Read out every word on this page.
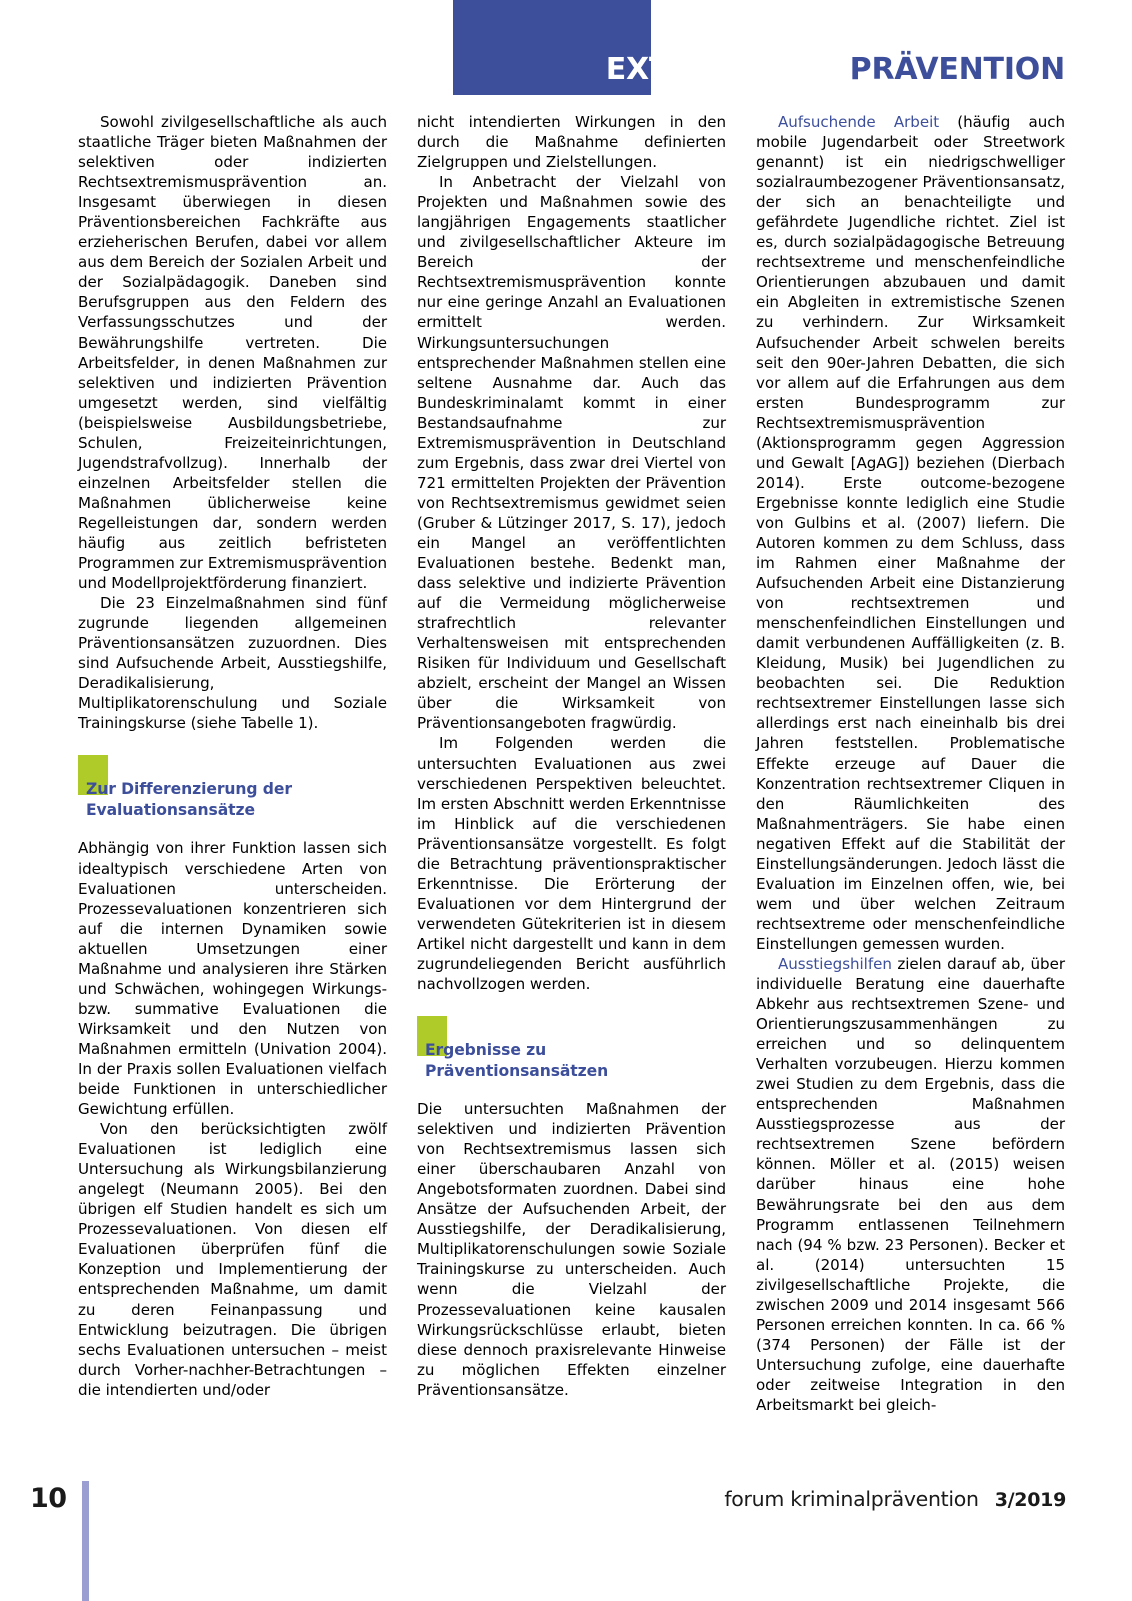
EXTREMISMUSPRÄVENTION

Sowohl zivilgesellschaftliche als auch staatliche Träger bieten Maßnahmen der selektiven oder indizierten Rechtsextremismusprävention an. Insgesamt überwiegen in diesen Präventionsbereichen Fachkräfte aus erzieherischen Berufen, dabei vor allem aus dem Bereich der Sozialen Arbeit und der Sozialpädagogik. Daneben sind Berufsgruppen aus den Feldern des Verfassungsschutzes und der Bewährungshilfe vertreten. Die Arbeitsfelder, in denen Maßnahmen zur selektiven und indizierten Prävention umgesetzt werden, sind vielfältig (beispielsweise Ausbildungsbetriebe, Schulen, Freizeiteinrichtungen, Jugendstrafvollzug). Innerhalb der einzelnen Arbeitsfelder stellen die Maßnahmen üblicherweise keine Regelleistungen dar, sondern werden häufig aus zeitlich befristeten Programmen zur Extremismusprävention und Modellprojektförderung finanziert.

Die 23 Einzelmaßnahmen sind fünf zugrunde liegenden allgemeinen Präventionsansätzen zuzuordnen. Dies sind Aufsuchende Arbeit, Ausstiegshilfe, Deradikalisierung, Multiplikatorenschulung und Soziale Trainingskurse (siehe Tabelle 1).

Zur Differenzierung der
Evaluationsansätze

Abhängig von ihrer Funktion lassen sich idealtypisch verschiedene Arten von Evaluationen unterscheiden. Prozessevaluationen konzentrieren sich auf die internen Dynamiken sowie aktuellen Umsetzungen einer Maßnahme und analysieren ihre Stärken und Schwächen, wohingegen Wirkungs- bzw. summative Evaluationen die Wirksamkeit und den Nutzen von Maßnahmen ermitteln (Univation 2004). In der Praxis sollen Evaluationen vielfach beide Funktionen in unterschiedlicher Gewichtung erfüllen.

Von den berücksichtigten zwölf Evaluationen ist lediglich eine Untersuchung als Wirkungsbilanzierung angelegt (Neumann 2005). Bei den übrigen elf Studien handelt es sich um Prozessevaluationen. Von diesen elf Evaluationen überprüfen fünf die Konzeption und Implementierung der entsprechenden Maßnahme, um damit zu deren Feinanpassung und Entwicklung beizutragen. Die übrigen sechs Evaluationen untersuchen – meist durch Vorher-nachher-Betrachtungen – die intendierten und/oder

nicht intendierten Wirkungen in den durch die Maßnahme definierten Zielgruppen und Zielstellungen.

In Anbetracht der Vielzahl von Projekten und Maßnahmen sowie des langjährigen Engagements staatlicher und zivilgesellschaftlicher Akteure im Bereich der Rechtsextremismusprävention konnte nur eine geringe Anzahl an Evaluationen ermittelt werden. Wirkungsuntersuchungen entsprechender Maßnahmen stellen eine seltene Ausnahme dar. Auch das Bundeskriminalamt kommt in einer Bestandsaufnahme zur Extremismusprävention in Deutschland zum Ergebnis, dass zwar drei Viertel von 721 ermittelten Projekten der Prävention von Rechtsextremismus gewidmet seien (Gruber & Lützinger 2017, S. 17), jedoch ein Mangel an veröffentlichten Evaluationen bestehe. Bedenkt man, dass selektive und indizierte Prävention auf die Vermeidung möglicherweise strafrechtlich relevanter Verhaltensweisen mit entsprechenden Risiken für Individuum und Gesellschaft abzielt, erscheint der Mangel an Wissen über die Wirksamkeit von Präventionsangeboten fragwürdig.

Im Folgenden werden die untersuchten Evaluationen aus zwei verschiedenen Perspektiven beleuchtet. Im ersten Abschnitt werden Erkenntnisse im Hinblick auf die verschiedenen Präventionsansätze vorgestellt. Es folgt die Betrachtung präventionspraktischer Erkenntnisse. Die Erörterung der Evaluationen vor dem Hintergrund der verwendeten Gütekriterien ist in diesem Artikel nicht dargestellt und kann in dem zugrundeliegenden Bericht ausführlich nachvollzogen werden.

Ergebnisse zu
Präventionsansätzen

Die untersuchten Maßnahmen der selektiven und indizierten Prävention von Rechtsextremismus lassen sich einer überschaubaren Anzahl von Angebotsformaten zuordnen. Dabei sind Ansätze der Aufsuchenden Arbeit, der Ausstiegshilfe, der Deradikalisierung, Multiplikatorenschulungen sowie Soziale Trainingskurse zu unterscheiden. Auch wenn die Vielzahl der Prozessevaluationen keine kausalen Wirkungsrückschlüsse erlaubt, bieten diese dennoch praxisrelevante Hinweise zu möglichen Effekten einzelner Präventionsansätze.

Aufsuchende Arbeit (häufig auch mobile Jugendarbeit oder Streetwork genannt) ist ein niedrigschwelliger sozialraumbezogener Präventionsansatz, der sich an benachteiligte und gefährdete Jugendliche richtet. Ziel ist es, durch sozialpädagogische Betreuung rechtsextreme und menschenfeindliche Orientierungen abzubauen und damit ein Abgleiten in extremistische Szenen zu verhindern. Zur Wirksamkeit Aufsuchender Arbeit schwelen bereits seit den 90er-Jahren Debatten, die sich vor allem auf die Erfahrungen aus dem ersten Bundesprogramm zur Rechtsextremismusprävention (Aktionsprogramm gegen Aggression und Gewalt [AgAG]) beziehen (Dierbach 2014). Erste outcome-bezogene Ergebnisse konnte lediglich eine Studie von Gulbins et al. (2007) liefern. Die Autoren kommen zu dem Schluss, dass im Rahmen einer Maßnahme der Aufsuchenden Arbeit eine Distanzierung von rechtsextremen und menschenfeindlichen Einstellungen und damit verbundenen Auffälligkeiten (z. B. Kleidung, Musik) bei Jugendlichen zu beobachten sei. Die Reduktion rechtsextremer Einstellungen lasse sich allerdings erst nach eineinhalb bis drei Jahren feststellen. Problematische Effekte erzeuge auf Dauer die Konzentration rechtsextremer Cliquen in den Räumlichkeiten des Maßnahmenträgers. Sie habe einen negativen Effekt auf die Stabilität der Einstellungsänderungen. Jedoch lässt die Evaluation im Einzelnen offen, wie, bei wem und über welchen Zeitraum rechtsextreme oder menschenfeindliche Einstellungen gemessen wurden.

Ausstiegshilfen zielen darauf ab, über individuelle Beratung eine dauerhafte Abkehr aus rechtsextremen Szene- und Orientierungszusammenhängen zu erreichen und so delinquentem Verhalten vorzubeugen. Hierzu kommen zwei Studien zu dem Ergebnis, dass die entsprechenden Maßnahmen Ausstiegsprozesse aus der rechtsextremen Szene befördern können. Möller et al. (2015) weisen darüber hinaus eine hohe Bewährungsrate bei den aus dem Programm entlassenen Teilnehmern nach (94 % bzw. 23 Personen). Becker et al. (2014) untersuchten 15 zivilgesellschaftliche Projekte, die zwischen 2009 und 2014 insgesamt 566 Personen erreichen konnten. In ca. 66 % (374 Personen) der Fälle ist der Untersuchung zufolge, eine dauerhafte oder zeitweise Integration in den Arbeitsmarkt bei gleich-

10	forum kriminalprävention 3/2019
